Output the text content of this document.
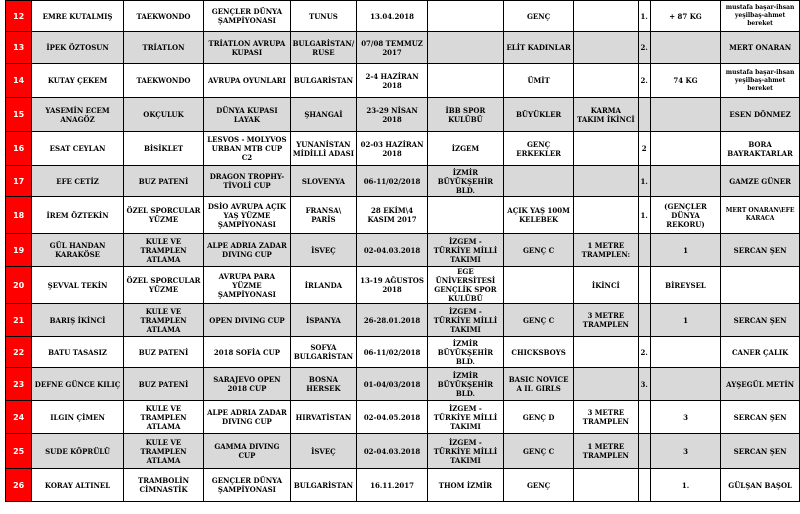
12	EMRE KUTALMIŞ	TAEKWONDO	GENÇLER DÜNYA ŞAMPİYONASI	TUNUS	13.04.2018		GENÇ		1.	+ 87 KG	mustafa başar-ihsan yeşilbaş-ahmet bereket
13	İPEK ÖZTOSUN	TRİATLON	TRİATLON AVRUPA KUPASI	BULGARİSTAN/ RUSE	07/08 TEMMUZ 2017		ELİT KADINLAR		2.		MERT ONARAN
14	KUTAY ÇEKEM	TAEKWONDO	AVRUPA OYUNLARI	BULGARİSTAN	2-4 HAZİRAN 2018		ÜMİT		2.	74 KG	mustafa başar-ihsan yeşilbaş-ahmet bereket
15	YASEMİN ECEM ANAGÖZ	OKÇULUK	DÜNYA KUPASI LAYAK	ŞHANGAİ	23-29 NİSAN 2018	İBB SPOR KULÜBÜ	BÜYÜKLER	KARMA TAKIM İKİNCİ			ESEN DÖNMEZ
16	ESAT CEYLAN	BİSİKLET	LESVOS - MOLYVOS URBAN MTB CUP C2	YUNANİSTAN MİDİLLİ ADASI	02-03 HAZİRAN 2018	İZGEM	GENÇ ERKEKLER		2		BORA BAYRAKTARLAR
17	EFE CETİZ	BUZ PATENİ	DRAGON TROPHY- TİVOLİ CUP	SLOVENYA	06-11/02/2018	İZMİR BÜYÜKŞEHİR BLD.			1.		GAMZE GÜNER
18	İREM ÖZTEKİN	ÖZEL SPORCULAR YÜZME	DSİO AVRUPA AÇIK YAŞ YÜZME ŞAMPİYONASI	FRANSA\ PARİS	28 EKİM\4 KASIM 2017		AÇIK YAŞ 100M KELEBEK		1.	(GENÇLER DÜNYA REKORU)	MERT ONARAN\EFE KARACA
19	GÜL HANDAN KARAKÖSE	KULE VE TRAMPLEN ATLAMA	ALPE ADRIA ZADAR DIVING CUP	İSVEÇ	02-04.03.2018	İZGEM - TÜRKİYE MİLLİ TAKIMI	GENÇ C	1 METRE TRAMPLEN:		1	SERCAN ŞEN
20	ŞEVVAL TEKİN	ÖZEL SPORCULAR YÜZME	AVRUPA PARA YÜZME ŞAMPİYONASI	İRLANDA	13-19 AĞUSTOS 2018	EGE ÜNİVERSİTESİ GENÇLİK SPOR KULÜBÜ		İKİNCİ		BİREYSEL	
21	BARIŞ İKİNCİ	KULE VE TRAMPLEN ATLAMA	OPEN DIVING CUP	İSPANYA	26-28.01.2018	İZGEM - TÜRKİYE MİLLİ TAKIMI	GENÇ C	3 METRE TRAMPLEN		1	SERCAN ŞEN
22	BATU TASASIZ	BUZ PATENİ	2018 SOFİA CUP	SOFYA BULGARİSTAN	06-11/02/2018	İZMİR BÜYÜKŞEHİR BLD.	CHICKSBOYS		2.		CANER ÇALIK
23	DEFNE GÜNCE KILIÇ	BUZ PATENİ	SARAJEVO OPEN 2018 CUP	BOSNA HERSEK	01-04/03/2018	İZMİR BÜYÜKŞEHİR BLD.	BASIC NOVICE A II. GIRLS		3.		AYŞEGÜL METİN
24	ILGIN ÇİMEN	KULE VE TRAMPLEN ATLAMA	ALPE ADRIA ZADAR DIVING CUP	HIRVATİSTAN	02-04.05.2018	İZGEM - TÜRKİYE MİLLİ TAKIMI	GENÇ D	3 METRE TRAMPLEN		3	SERCAN ŞEN
25	SUDE KÖPRÜLÜ	KULE VE TRAMPLEN ATLAMA	GAMMA DIVING CUP	İSVEÇ	02-04.03.2018	İZGEM - TÜRKİYE MİLLİ TAKIMI	GENÇ C	1 METRE TRAMPLEN		3	SERCAN ŞEN
26	KORAY ALTINEL	TRAMBOLİN CİMNASTİK	GENÇLER DÜNYA ŞAMPİYONASI	BULGARİSTAN	16.11.2017	THOM İZMİR	GENÇ			1.	GÜLŞAN BAŞOL
